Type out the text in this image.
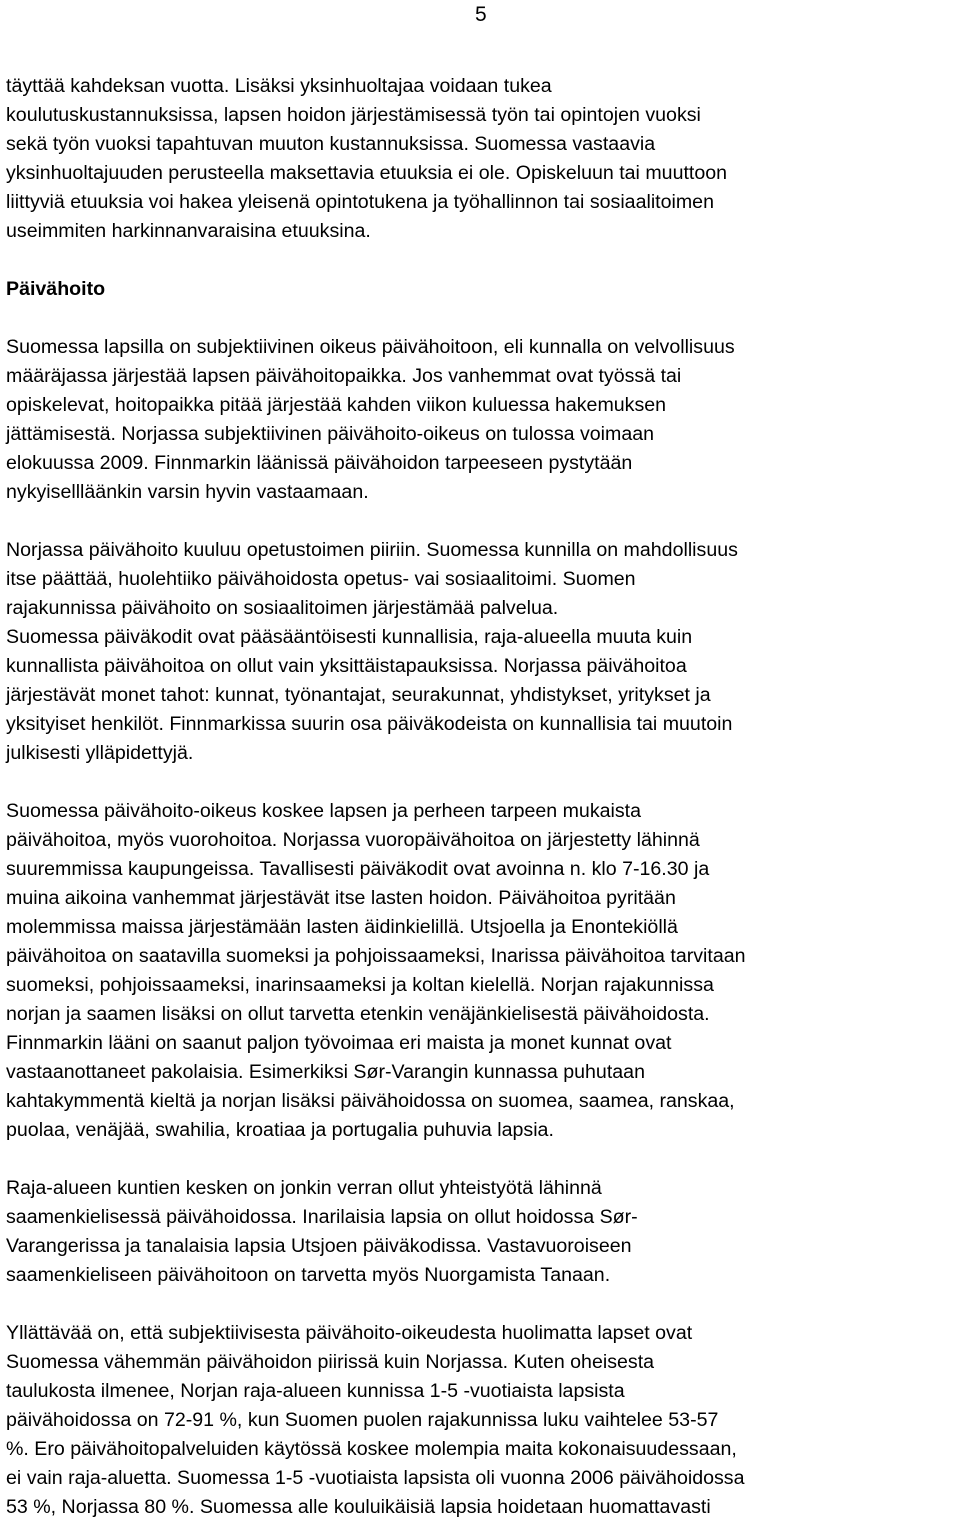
5

täyttää kahdeksan vuotta. Lisäksi yksinhuoltajaa voidaan tukea
koulutuskustannuksissa, lapsen hoidon järjestämisessä työn tai opintojen vuoksi
sekä työn vuoksi tapahtuvan muuton kustannuksissa. Suomessa vastaavia
yksinhuoltajuuden perusteella maksettavia etuuksia ei ole. Opiskeluun tai muuttoon
liittyviä etuuksia voi hakea yleisenä opintotukena ja työhallinnon tai sosiaalitoimen
useimmiten harkinnanvaraisina etuuksina.

Päivähoito

Suomessa lapsilla on subjektiivinen oikeus päivähoitoon, eli kunnalla on velvollisuus
määräjassa järjestää lapsen päivähoitopaikka. Jos vanhemmat ovat työssä tai
opiskelevat, hoitopaikka pitää järjestää kahden viikon kuluessa hakemuksen
jättämisestä. Norjassa subjektiivinen päivähoito-oikeus on tulossa voimaan
elokuussa 2009. Finnmarkin läänissä päivähoidon tarpeeseen pystytään
nykyisellläänkin varsin hyvin vastaamaan.

Norjassa päivähoito kuuluu opetustoimen piiriin. Suomessa kunnilla on mahdollisuus
itse päättää, huolehtiiko päivähoidosta opetus- vai sosiaalitoimi. Suomen
rajakunnissa päivähoito on sosiaalitoimen järjestämää palvelua.
Suomessa päiväkodit ovat pääsääntöisesti kunnallisia, raja-alueella muuta kuin
kunnallista päivähoitoa on ollut vain yksittäistapauksissa. Norjassa päivähoitoa
järjestävät monet tahot: kunnat, työnantajat, seurakunnat, yhdistykset, yritykset ja
yksityiset henkilöt. Finnmarkissa suurin osa päiväkodeista on kunnallisia tai muutoin
julkisesti ylläpidettyjä.

Suomessa päivähoito-oikeus koskee lapsen ja perheen tarpeen mukaista
päivähoitoa, myös vuorohoitoa. Norjassa vuoropäivähoitoa on järjestetty lähinnä
suuremmissa kaupungeissa. Tavallisesti päiväkodit ovat avoinna n. klo 7-16.30 ja
muina aikoina vanhemmat järjestävät itse lasten hoidon. Päivähoitoa pyritään
molemmissa maissa järjestämään lasten äidinkielillä. Utsjoella ja Enontekiöllä
päivähoitoa on saatavilla suomeksi ja pohjoissaameksi, Inarissa päivähoitoa tarvitaan
suomeksi, pohjoissaameksi, inarinsaameksi ja koltan kielellä. Norjan rajakunnissa
norjan ja saamen lisäksi on ollut tarvetta etenkin venäjänkielisestä päivähoidosta.
Finnmarkin lääni on saanut paljon työvoimaa eri maista ja monet kunnat ovat
vastaanottaneet pakolaisia. Esimerkiksi Sør-Varangin kunnassa puhutaan
kahtakymmentä kieltä ja norjan lisäksi päivähoidossa on suomea, saamea, ranskaa,
puolaa, venäjää, swahilia, kroatiaa ja portugalia puhuvia lapsia.

Raja-alueen kuntien kesken on jonkin verran ollut yhteistyötä lähinnä
saamenkielisessä päivähoidossa. Inarilaisia lapsia on ollut hoidossa Sør-
Varangerissa ja tanalaisia lapsia Utsjoen päiväkodissa. Vastavuoroiseen
saamenkieliseen päivähoitoon on tarvetta myös Nuorgamista Tanaan.

Yllättävää on, että subjektiivisesta päivähoito-oikeudesta huolimatta lapset ovat
Suomessa vähemmän päivähoidon piirissä kuin Norjassa. Kuten oheisesta
taulukosta ilmenee, Norjan raja-alueen kunnissa 1-5 -vuotiaista lapsista
päivähoidossa on 72-91 %, kun Suomen puolen rajakunnissa luku vaihtelee 53-57
%. Ero päivähoitopalveluiden käytössä koskee molempia maita kokonaisuudessaan,
ei vain raja-aluetta. Suomessa 1-5 -vuotiaista lapsista oli vuonna 2006 päivähoidossa
53 %, Norjassa 80 %. Suomessa alle kouluikäisiä lapsia hoidetaan huomattavasti
